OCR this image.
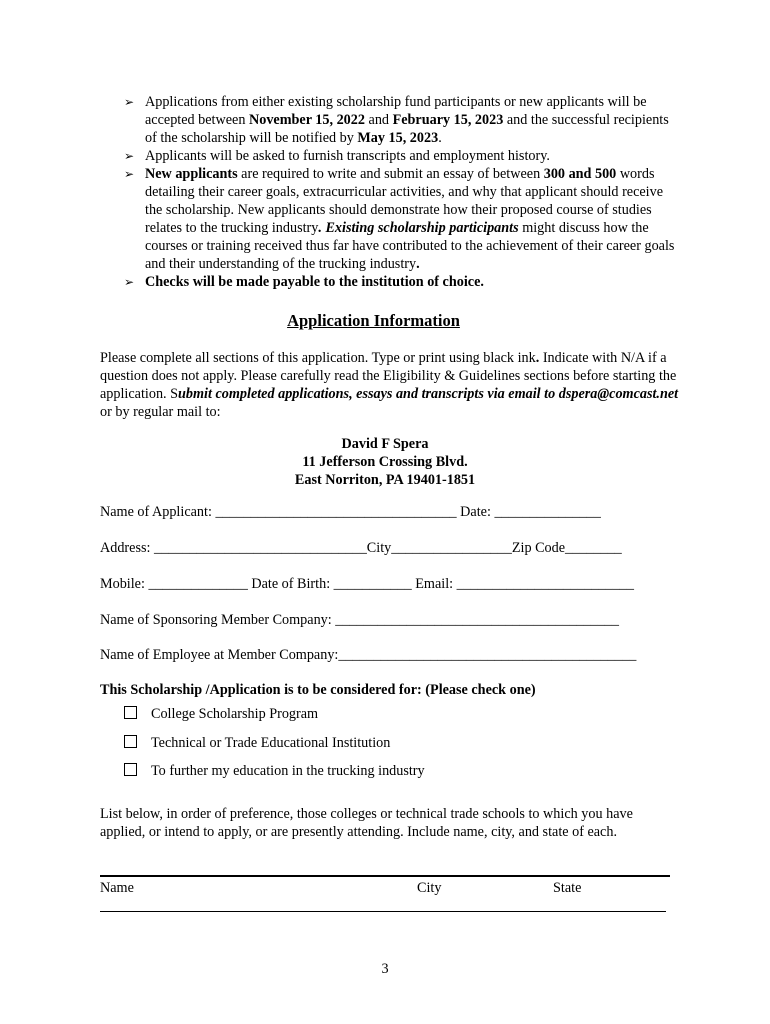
➢ Applications from either existing scholarship fund participants or new applicants will be accepted between November 15, 2022 and February 15, 2023 and the successful recipients of the scholarship will be notified by May 15, 2023.
➢ Applicants will be asked to furnish transcripts and employment history.
➢ New applicants are required to write and submit an essay of between 300 and 500 words detailing their career goals, extracurricular activities, and why that applicant should receive the scholarship. New applicants should demonstrate how their proposed course of studies relates to the trucking industry. Existing scholarship participants might discuss how the courses or training received thus far have contributed to the achievement of their career goals and their understanding of the trucking industry.
➢ Checks will be made payable to the institution of choice.
Application Information
Please complete all sections of this application. Type or print using black ink. Indicate with N/A if a question does not apply. Please carefully read the Eligibility & Guidelines sections before starting the application. Submit completed applications, essays and transcripts via email to dspera@comcast.net or by regular mail to:
David F Spera
11 Jefferson Crossing Blvd.
East Norriton, PA 19401-1851
Name of Applicant: __________________________________ Date: _______________
Address: ______________________________City_________________Zip Code________
Mobile: ______________ Date of Birth: ___________ Email: _________________________
Name of Sponsoring Member Company: ________________________________________
Name of Employee at Member Company:__________________________________________
This Scholarship /Application is to be considered for: (Please check one)
College Scholarship Program
Technical or Trade Educational Institution
To further my education in the trucking industry
List below, in order of preference, those colleges or technical trade schools to which you have applied, or intend to apply, or are presently attending. Include name, city, and state of each.
Name	City	State
3
